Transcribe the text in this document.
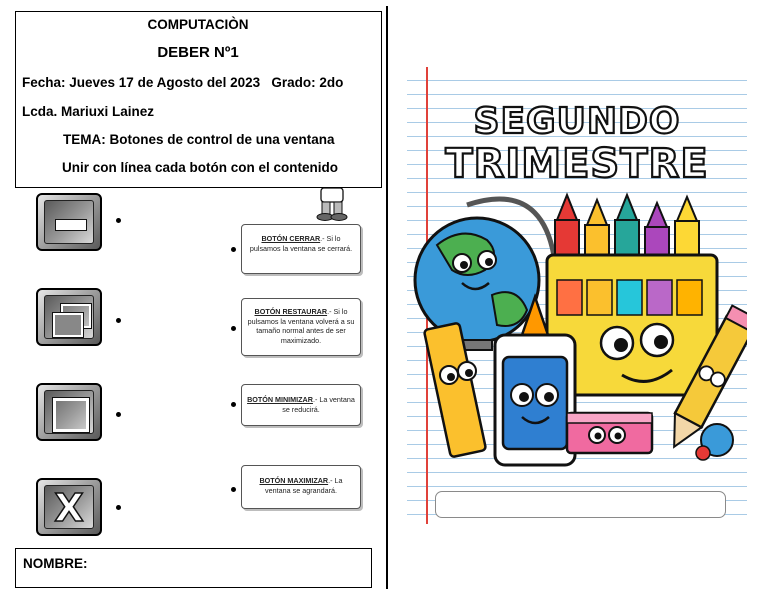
COMPUTACIÒN
DEBER Nº1
Fecha: Jueves 17 de Agosto del 2023   Grado: 2do
Lcda. Mariuxi Lainez
TEMA: Botones de control de una ventana
Unir con línea cada botón con el contenido
X
BOTÓN CERRAR.- Si lo pulsamos la ventana se cerrará.
BOTÓN RESTAURAR.- Si lo pulsamos la ventana volverá a su tamaño normal antes de ser maximizado.
BOTÓN MINIMIZAR.- La ventana se reducirá.
BOTÓN MAXIMIZAR.- La ventana se agrandará.
NOMBRE:
SEGUNDO
TRIMESTRE
